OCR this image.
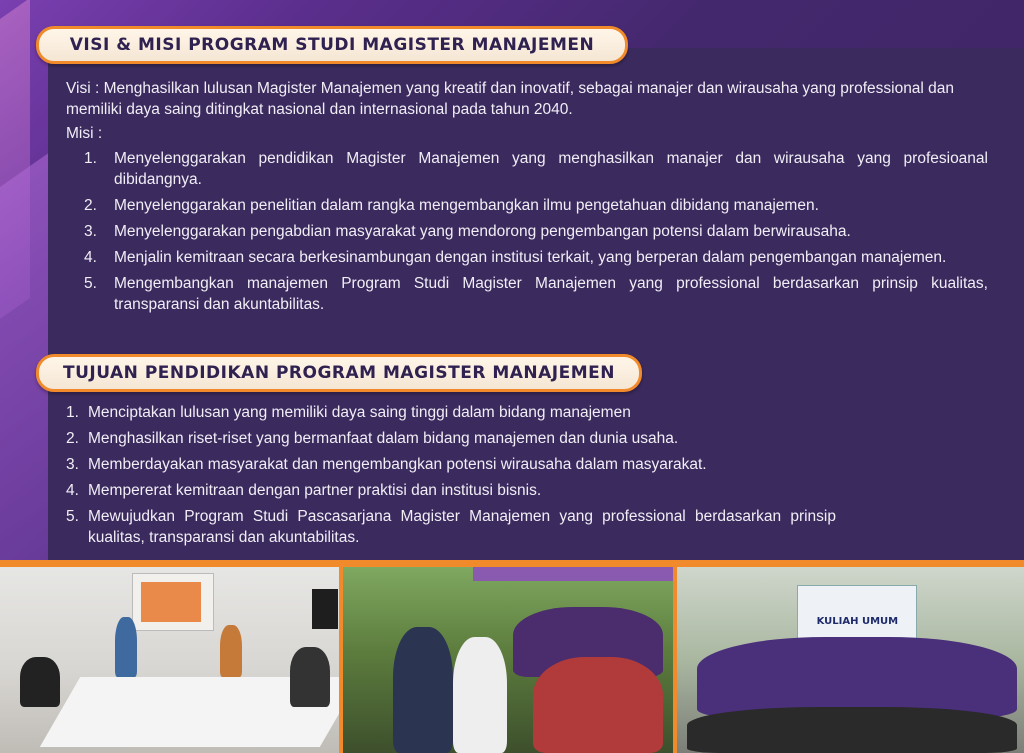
VISI & MISI PROGRAM STUDI MAGISTER MANAJEMEN
Visi : Menghasilkan lulusan Magister Manajemen yang kreatif dan inovatif, sebagai manajer dan wirausaha yang professional dan memiliki daya saing ditingkat nasional dan internasional pada tahun 2040.
Misi :
1.	Menyelenggarakan pendidikan Magister Manajemen yang menghasilkan manajer dan wirausaha yang profesioanal dibidangnya.
2.	Menyelenggarakan penelitian dalam rangka mengembangkan ilmu pengetahuan dibidang manajemen.
3.	Menyelenggarakan pengabdian masyarakat yang mendorong pengembangan potensi dalam berwirausaha.
4.	Menjalin kemitraan secara berkesinambungan dengan institusi terkait, yang berperan dalam pengembangan manajemen.
5.	Mengembangkan manajemen Program Studi Magister Manajemen yang professional berdasarkan prinsip kualitas, transparansi dan akuntabilitas.
TUJUAN PENDIDIKAN PROGRAM MAGISTER MANAJEMEN
1. Menciptakan lulusan yang memiliki daya saing tinggi dalam bidang manajemen
2. Menghasilkan riset-riset yang bermanfaat dalam bidang manajemen dan dunia usaha.
3. Memberdayakan masyarakat dan mengembangkan potensi wirausaha dalam masyarakat.
4. Mempererat kemitraan dengan partner praktisi dan institusi bisnis.
5. Mewujudkan Program Studi Pascasarjana Magister Manajemen yang professional berdasarkan prinsip kualitas, transparansi dan akuntabilitas.
KULIAH UMUM
